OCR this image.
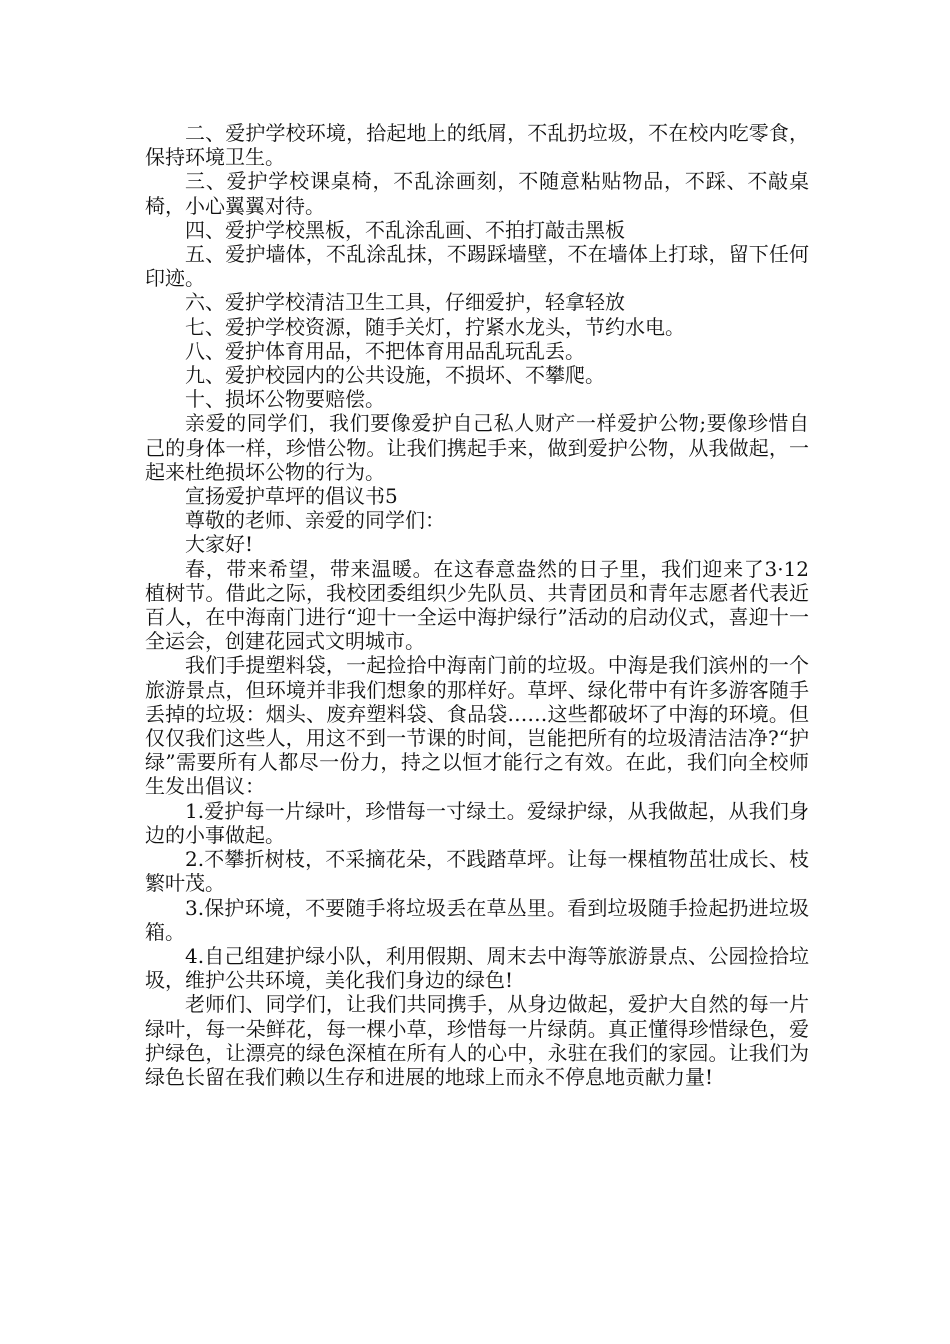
二、爱护学校环境，拾起地上的纸屑，不乱扔垃圾，不在校内吃零食，保持环境卫生。

三、爱护学校课桌椅，不乱涂画刻，不随意粘贴物品，不踩、不敲桌椅，小心翼翼对待。

四、爱护学校黑板，不乱涂乱画、不拍打敲击黑板

五、爱护墙体，不乱涂乱抹，不踢踩墙壁，不在墙体上打球，留下任何印迹。

六、爱护学校清洁卫生工具，仔细爱护，轻拿轻放

七、爱护学校资源，随手关灯，拧紧水龙头，节约水电。

八、爱护体育用品，不把体育用品乱玩乱丢。

九、爱护校园内的公共设施，不损坏、不攀爬。

十、损坏公物要赔偿。

亲爱的同学们，我们要像爱护自己私人财产一样爱护公物;要像珍惜自己的身体一样，珍惜公物。让我们携起手来，做到爱护公物，从我做起，一起来杜绝损坏公物的行为。

宣扬爱护草坪的倡议书5

尊敬的老师、亲爱的同学们：

大家好!

春，带来希望，带来温暖。在这春意盎然的日子里，我们迎来了3·12植树节。借此之际，我校团委组织少先队员、共青团员和青年志愿者代表近百人，在中海南门进行“迎十一全运中海护绿行”活动的启动仪式，喜迎十一全运会，创建花园式文明城市。

我们手提塑料袋，一起捡拾中海南门前的垃圾。中海是我们滨州的一个旅游景点，但环境并非我们想象的那样好。草坪、绿化带中有许多游客随手丢掉的垃圾：烟头、废弃塑料袋、食品袋……这些都破坏了中海的环境。但仅仅我们这些人，用这不到一节课的时间，岂能把所有的垃圾清洁洁净?“护绿”需要所有人都尽一份力，持之以恒才能行之有效。在此，我们向全校师生发出倡议：

1.爱护每一片绿叶，珍惜每一寸绿土。爱绿护绿，从我做起，从我们身边的小事做起。

2.不攀折树枝，不采摘花朵，不践踏草坪。让每一棵植物茁壮成长、枝繁叶茂。

3.保护环境，不要随手将垃圾丢在草丛里。看到垃圾随手捡起扔进垃圾箱。

4.自己组建护绿小队，利用假期、周末去中海等旅游景点、公园捡拾垃圾，维护公共环境，美化我们身边的绿色!

老师们、同学们，让我们共同携手，从身边做起，爱护大自然的每一片绿叶，每一朵鲜花，每一棵小草，珍惜每一片绿荫。真正懂得珍惜绿色，爱护绿色，让漂亮的绿色深植在所有人的心中，永驻在我们的家园。让我们为绿色长留在我们赖以生存和进展的地球上而永不停息地贡献力量!
